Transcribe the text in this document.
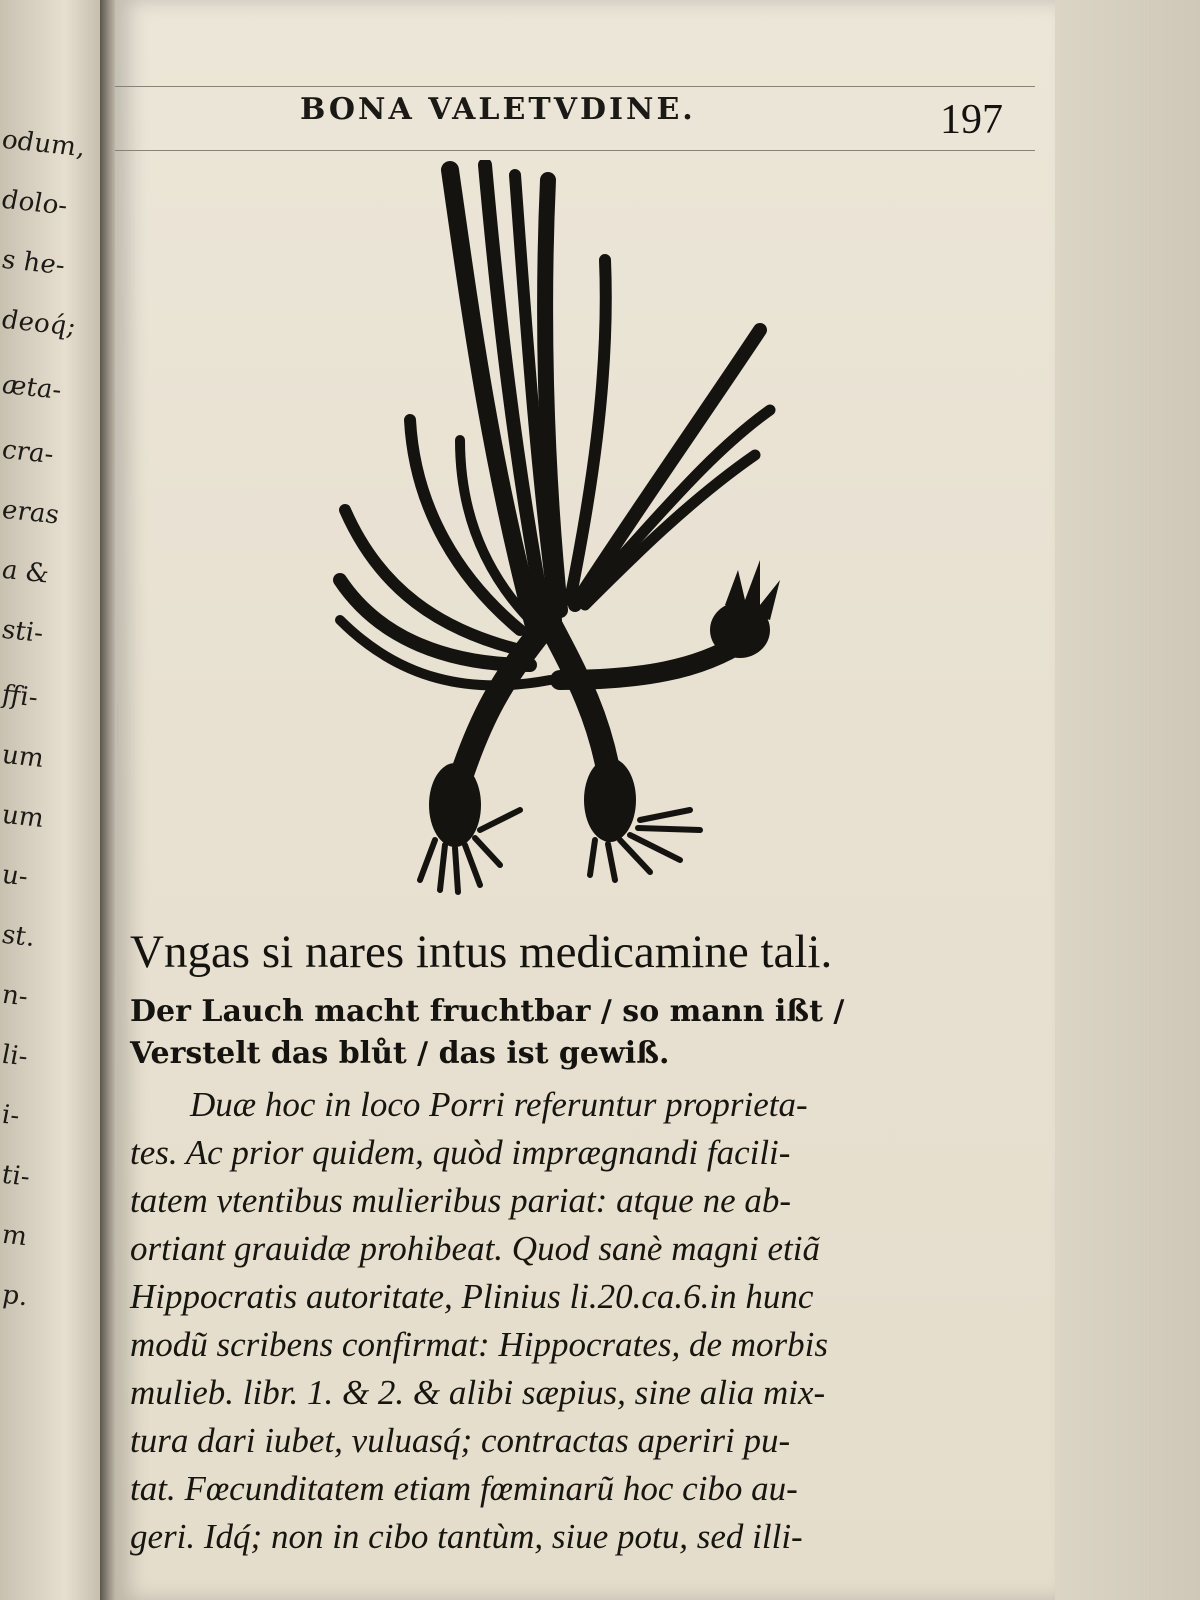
odum,
dolo-
s he-
deoq́;
æta-
cra-
eras
a &
sti-
ffi-
um
um
u-
st.
n-
li-
i-
ti-
m
p.
BONA VALETVDINE.	197
Vngas si nares intus medicamine tali.
Der Lauch macht fruchtbar / so mann ißt /
Verstelt das blůt / das ist gewiß.
Duæ hoc in loco Porri referuntur proprieta-
tes. Ac prior quidem, quòd imprægnandi facili-
tatem vtentibus mulieribus pariat: atque ne ab-
ortiant grauidæ prohibeat. Quod sanè magni etiã
Hippocratis autoritate, Plinius li.20.ca.6.in hunc
modũ scribens confirmat: Hippocrates, de morbis
mulieb. libr. 1. & 2. & alibi sæpius, sine alia mix-
tura dari iubet, vuluasq́; contractas aperiri pu-
tat. Fœcunditatem etiam fœminarũ hoc cibo au-
geri. Idq́; non in cibo tantùm, siue potu, sed illi-
